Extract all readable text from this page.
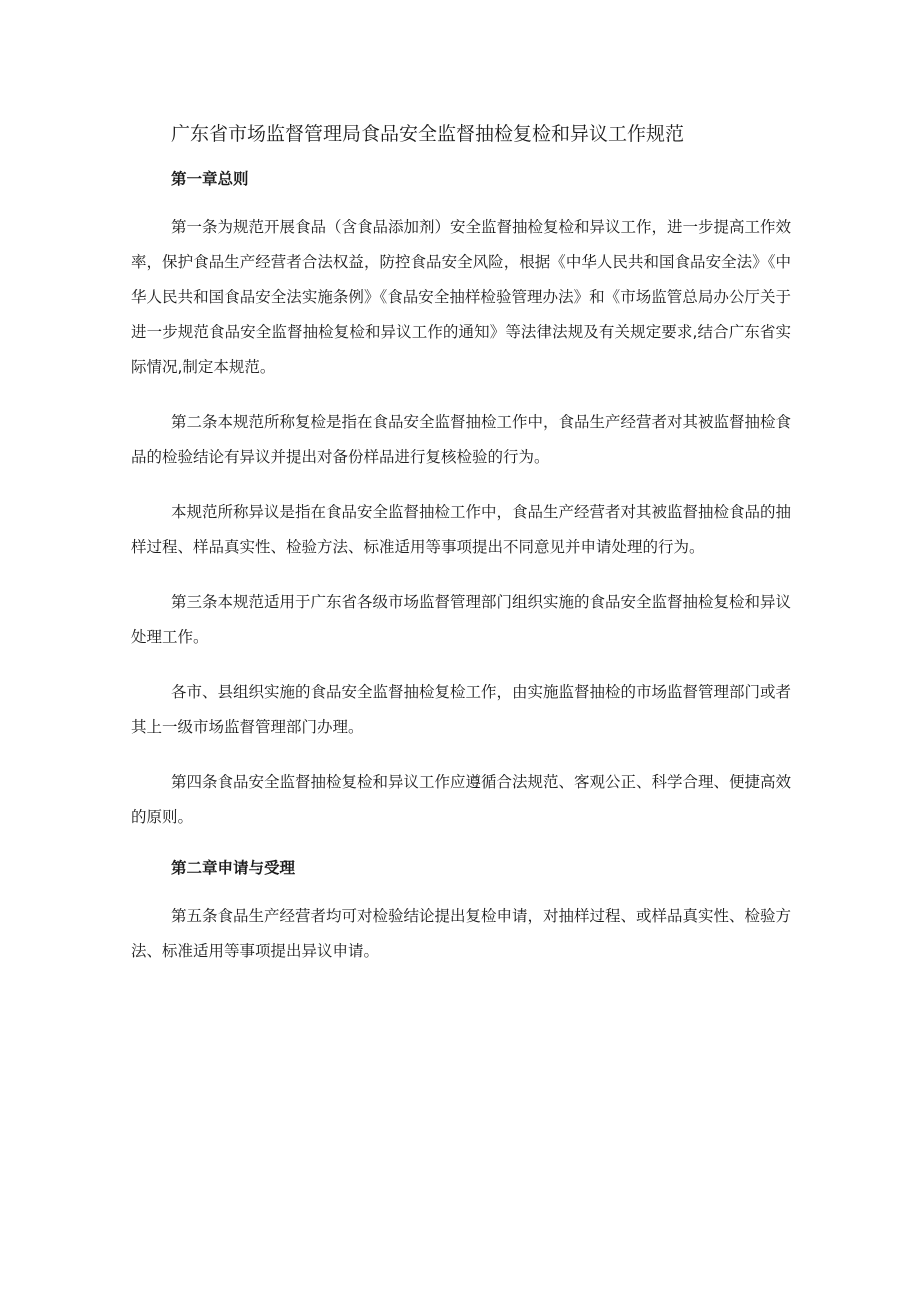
广东省市场监督管理局食品安全监督抽检复检和异议工作规范
第一章总则

第一条为规范开展食品（含食品添加剂）安全监督抽检复检和异议工作，进一步提高工作效率，保护食品生产经营者合法权益，防控食品安全风险，根据《中华人民共和国食品安全法》《中华人民共和国食品安全法实施条例》《食品安全抽样检验管理办法》和《市场监管总局办公厅关于进一步规范食品安全监督抽检复检和异议工作的通知》等法律法规及有关规定要求,结合广东省实际情况,制定本规范。

第二条本规范所称复检是指在食品安全监督抽检工作中，食品生产经营者对其被监督抽检食品的检验结论有异议并提出对备份样品进行复核检验的行为。

本规范所称异议是指在食品安全监督抽检工作中，食品生产经营者对其被监督抽检食品的抽样过程、样品真实性、检验方法、标准适用等事项提出不同意见并申请处理的行为。

第三条本规范适用于广东省各级市场监督管理部门组织实施的食品安全监督抽检复检和异议处理工作。

各市、县组织实施的食品安全监督抽检复检工作，由实施监督抽检的市场监督管理部门或者其上一级市场监督管理部门办理。

第四条食品安全监督抽检复检和异议工作应遵循合法规范、客观公正、科学合理、便捷高效的原则。

第二章申请与受理

第五条食品生产经营者均可对检验结论提出复检申请，对抽样过程、或样品真实性、检验方法、标准适用等事项提出异议申请。
